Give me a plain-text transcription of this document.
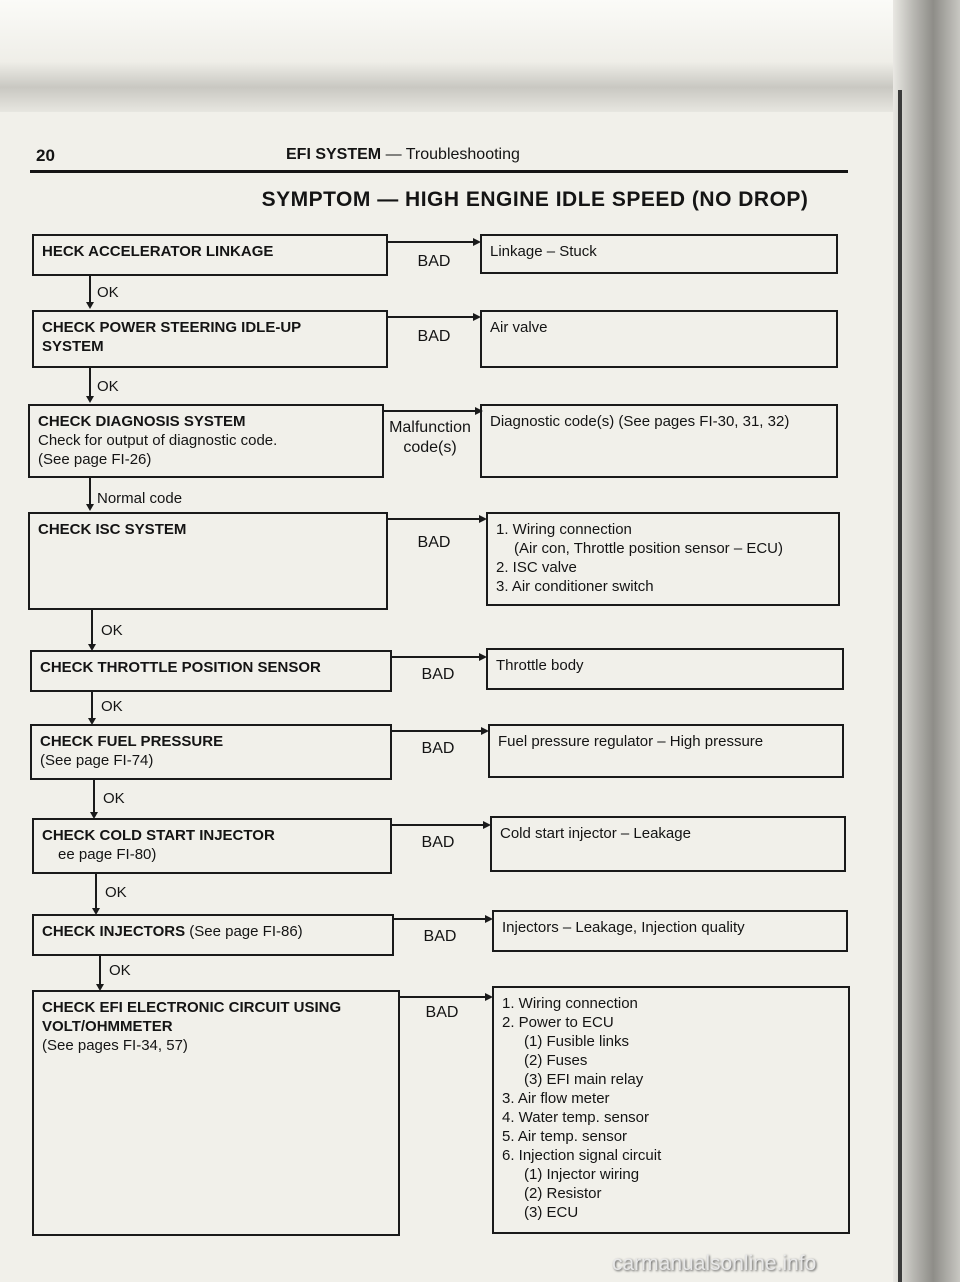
20	EFI SYSTEM — Troubleshooting
SYMPTOM — HIGH ENGINE IDLE SPEED (NO DROP)
HECK ACCELERATOR LINKAGE
BAD
Linkage – Stuck
OK
CHECK POWER STEERING IDLE-UP
SYSTEM
BAD
Air valve
OK
CHECK DIAGNOSIS SYSTEM
Check for output of diagnostic code.
(See page FI-26)
Malfunction code(s)
Diagnostic code(s) (See pages FI-30, 31, 32)
Normal code
CHECK ISC SYSTEM
BAD
1. Wiring connection
(Air con, Throttle position sensor – ECU)
2. ISC valve
3. Air conditioner switch
OK
CHECK THROTTLE POSITION SENSOR	BAD
Throttle body
OK
CHECK FUEL PRESSURE
(See page FI-74)
BAD	Fuel pressure regulator – High pressure
OK
CHECK COLD START INJECTOR
ee page FI-80)
BAD
Cold start injector – Leakage
OK
CHECK INJECTORS (See page FI-86)	BAD
Injectors – Leakage, Injection quality
OK
CHECK EFI ELECTRONIC CIRCUIT USING
VOLT/OHMMETER
(See pages FI-34, 57)
BAD
1. Wiring connection
2. Power to ECU
(1) Fusible links
(2) Fuses
(3) EFI main relay
3. Air flow meter
4. Water temp. sensor
5. Air temp. sensor
6. Injection signal circuit
(1) Injector wiring
(2) Resistor
(3) ECU
carmanualsonline.info
